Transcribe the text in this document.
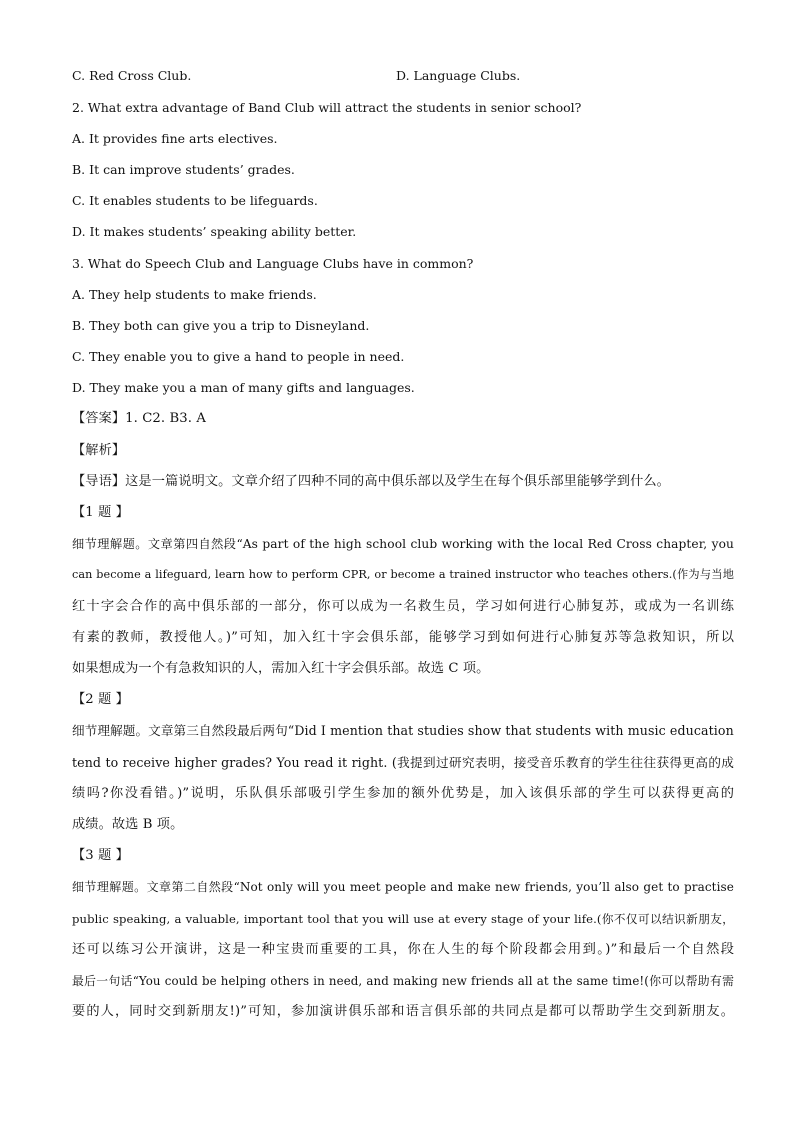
C. Red Cross Club.	D. Language Clubs.
2. What extra advantage of Band Club will attract the students in senior school?
A. It provides fine arts electives.
B. It can improve students’ grades.
C. It enables students to be lifeguards.
D. It makes students’ speaking ability better.
3. What do Speech Club and Language Clubs have in common?
A. They help students to make friends.
B. They both can give you a trip to Disneyland.
C. They enable you to give a hand to people in need.
D. They make you a man of many gifts and languages.
【答案】1. C2. B3. A
【解析】
【导语】这是一篇说明文。文章介绍了四种不同的高中俱乐部以及学生在每个俱乐部里能够学到什么。
【1 题 】
细节理解题。文章第四自然段“As part of the high school club working with the local Red Cross chapter, you
can become a lifeguard, learn how to perform CPR, or become a trained instructor who teaches others.(作为与当地
红十字会合作的高中俱乐部的一部分，你可以成为一名救生员，学习如何进行心肺复苏，或成为一名训练
有素的教师，教授他人。)”可知，加入红十字会俱乐部，能够学习到如何进行心肺复苏等急救知识，所以
如果想成为一个有急救知识的人，需加入红十字会俱乐部。故选 C 项。
【2 题 】
细节理解题。文章第三自然段最后两句“Did I mention that studies show that students with music education
tend to receive higher grades? You read it right. (我提到过研究表明，接受音乐教育的学生往往获得更高的成
绩吗?你没看错。)”说明，乐队俱乐部吸引学生参加的额外优势是，加入该俱乐部的学生可以获得更高的
成绩。故选 B 项。
【3 题 】
细节理解题。文章第二自然段“Not only will you meet people and make new friends, you’ll also get to practise
public speaking, a valuable, important tool that you will use at every stage of your life.(你不仅可以结识新朋友，
还可以练习公开演讲，这是一种宝贵而重要的工具，你在人生的每个阶段都会用到。)”和最后一个自然段
最后一句话“You could be helping others in need, and making new friends all at the same time!(你可以帮助有需
要的人，同时交到新朋友!)”可知，参加演讲俱乐部和语言俱乐部的共同点是都可以帮助学生交到新朋友。
